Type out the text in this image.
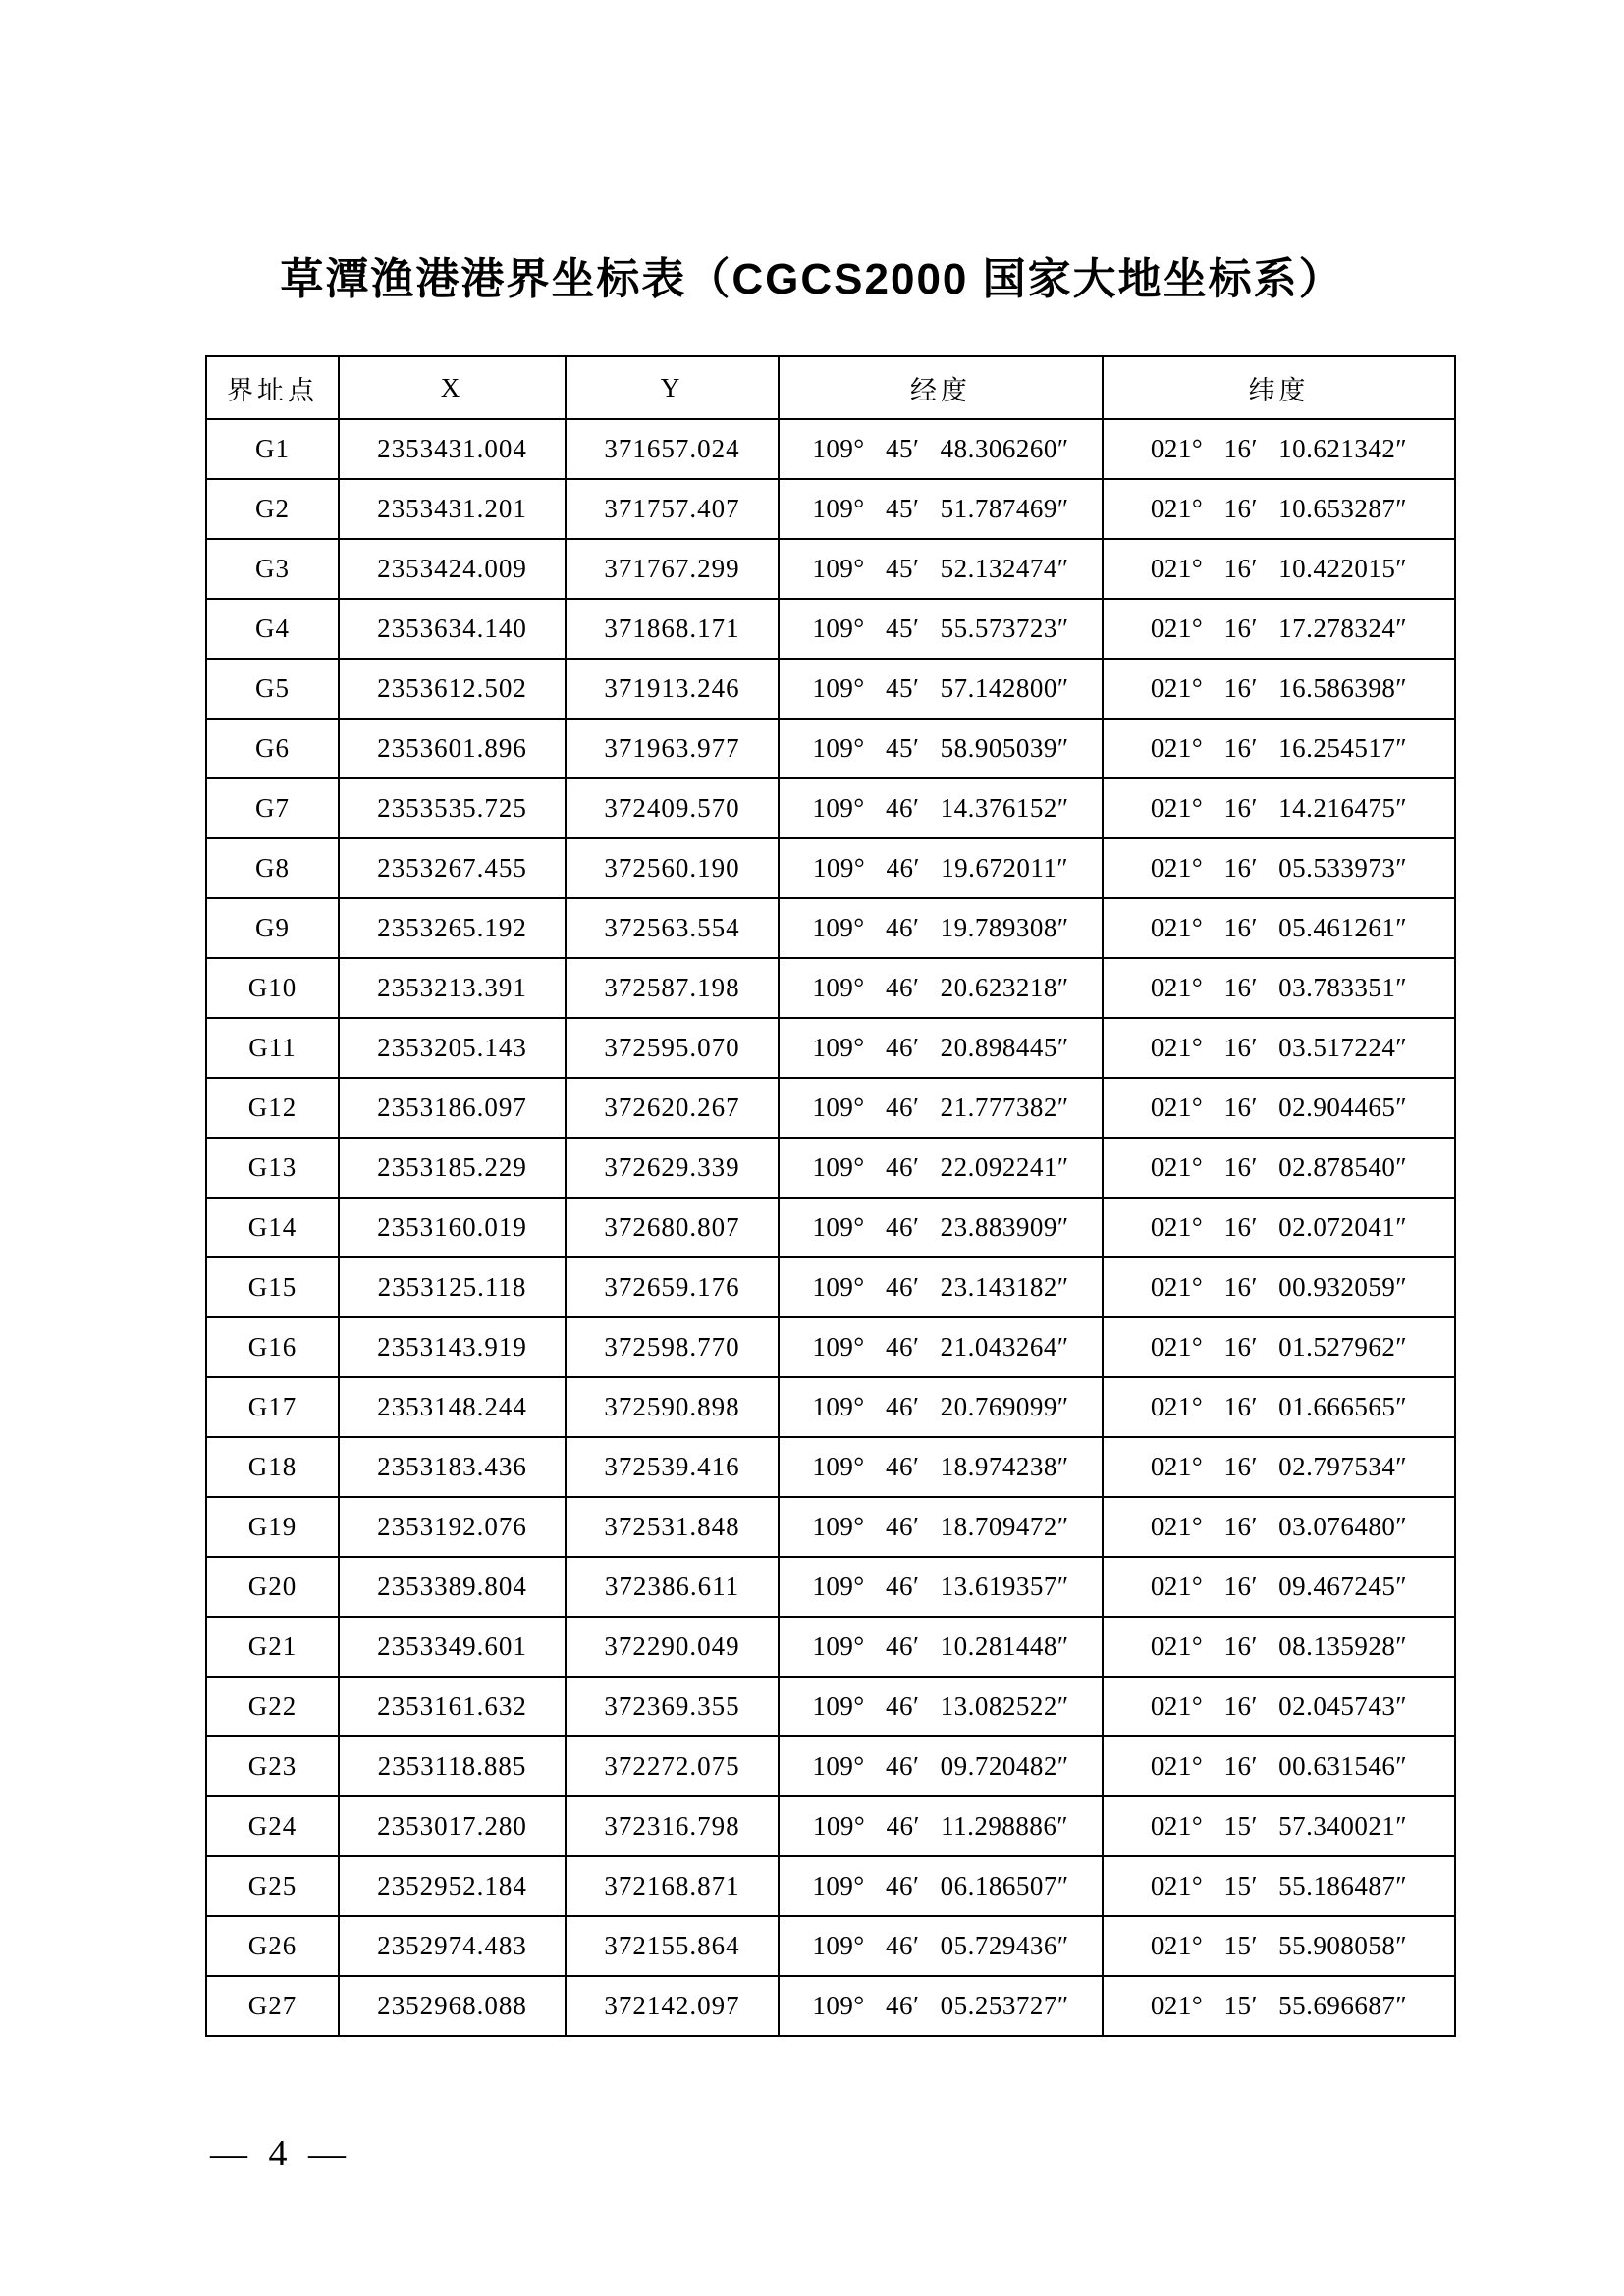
草潭渔港港界坐标表（CGCS2000 国家大地坐标系）
界址点	X	Y	经度	纬度
G1	2353431.004	371657.024	109° 45′ 48.306260″	021° 16′ 10.621342″
G2	2353431.201	371757.407	109° 45′ 51.787469″	021° 16′ 10.653287″
G3	2353424.009	371767.299	109° 45′ 52.132474″	021° 16′ 10.422015″
G4	2353634.140	371868.171	109° 45′ 55.573723″	021° 16′ 17.278324″
G5	2353612.502	371913.246	109° 45′ 57.142800″	021° 16′ 16.586398″
G6	2353601.896	371963.977	109° 45′ 58.905039″	021° 16′ 16.254517″
G7	2353535.725	372409.570	109° 46′ 14.376152″	021° 16′ 14.216475″
G8	2353267.455	372560.190	109° 46′ 19.672011″	021° 16′ 05.533973″
G9	2353265.192	372563.554	109° 46′ 19.789308″	021° 16′ 05.461261″
G10	2353213.391	372587.198	109° 46′ 20.623218″	021° 16′ 03.783351″
G11	2353205.143	372595.070	109° 46′ 20.898445″	021° 16′ 03.517224″
G12	2353186.097	372620.267	109° 46′ 21.777382″	021° 16′ 02.904465″
G13	2353185.229	372629.339	109° 46′ 22.092241″	021° 16′ 02.878540″
G14	2353160.019	372680.807	109° 46′ 23.883909″	021° 16′ 02.072041″
G15	2353125.118	372659.176	109° 46′ 23.143182″	021° 16′ 00.932059″
G16	2353143.919	372598.770	109° 46′ 21.043264″	021° 16′ 01.527962″
G17	2353148.244	372590.898	109° 46′ 20.769099″	021° 16′ 01.666565″
G18	2353183.436	372539.416	109° 46′ 18.974238″	021° 16′ 02.797534″
G19	2353192.076	372531.848	109° 46′ 18.709472″	021° 16′ 03.076480″
G20	2353389.804	372386.611	109° 46′ 13.619357″	021° 16′ 09.467245″
G21	2353349.601	372290.049	109° 46′ 10.281448″	021° 16′ 08.135928″
G22	2353161.632	372369.355	109° 46′ 13.082522″	021° 16′ 02.045743″
G23	2353118.885	372272.075	109° 46′ 09.720482″	021° 16′ 00.631546″
G24	2353017.280	372316.798	109° 46′ 11.298886″	021° 15′ 57.340021″
G25	2352952.184	372168.871	109° 46′ 06.186507″	021° 15′ 55.186487″
G26	2352974.483	372155.864	109° 46′ 05.729436″	021° 15′ 55.908058″
G27	2352968.088	372142.097	109° 46′ 05.253727″	021° 15′ 55.696687″
— 4 —
